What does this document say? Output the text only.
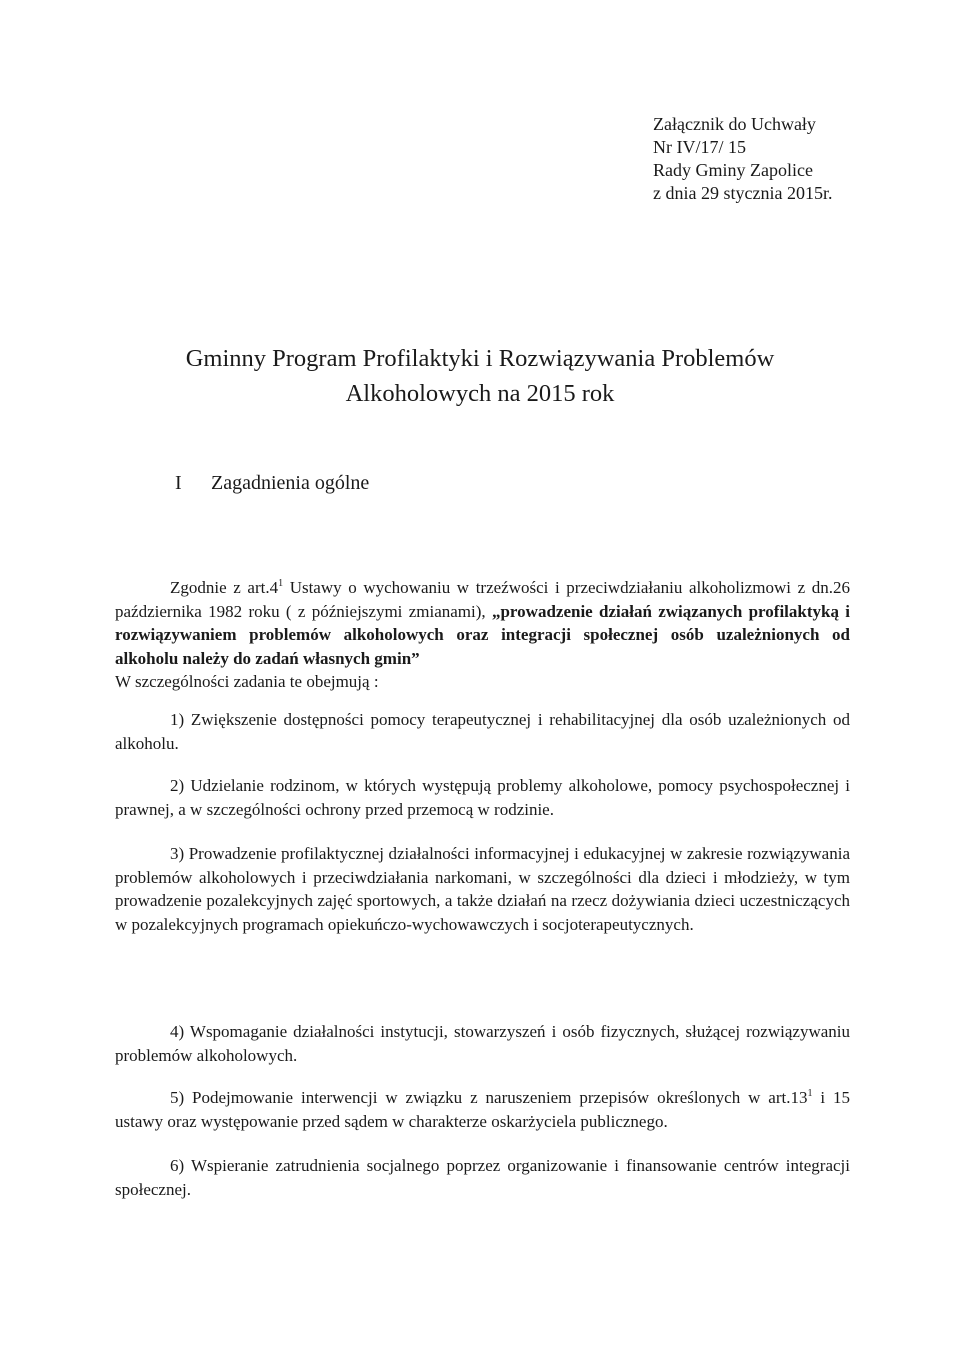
Załącznik do Uchwały
Nr IV/17/ 15
Rady Gminy Zapolice
z dnia 29 stycznia 2015r.
Gminny Program Profilaktyki i Rozwiązywania Problemów
Alkoholowych na 2015 rok
I Zagadnienia ogólne

Zgodnie z $art.4^1$ Ustawy o wychowaniu w trzeźwości i przeciwdziałaniu alkoholizmowi z dn.26 października 1982 roku ( z późniejszymi zmianami), „prowadzenie działań związanych profilaktyką i rozwiązywaniem problemów alkoholowych oraz integracji społecznej osób uzależnionych od alkoholu należy do zadań własnych gmin”

W szczególności zadania te obejmują :

1) Zwiększenie dostępności pomocy terapeutycznej i rehabilitacyjnej dla osób uzależnionych od alkoholu.

2) Udzielanie rodzinom, w których występują problemy alkoholowe, pomocy psychospołecznej i prawnej, a w szczególności ochrony przed przemocą w rodzinie.

3) Prowadzenie profilaktycznej działalności informacyjnej i edukacyjnej w zakresie rozwiązywania problemów alkoholowych i przeciwdziałania narkomani, w szczególności dla dzieci i młodzieży, w tym prowadzenie pozalekcyjnych zajęć sportowych, a także działań na rzecz dożywiania dzieci uczestniczących w pozalekcyjnych programach opiekuńczo-wychowawczych i socjoterapeutycznych.

4) Wspomaganie działalności instytucji, stowarzyszeń i osób fizycznych, służącej rozwiązywaniu problemów alkoholowych.

5) Podejmowanie interwencji w związku z naruszeniem przepisów określonych w $art.13^1$ i 15 ustawy oraz występowanie przed sądem w charakterze oskarżyciela publicznego.

6) Wspieranie zatrudnienia socjalnego poprzez organizowanie i finansowanie centrów integracji społecznej.
